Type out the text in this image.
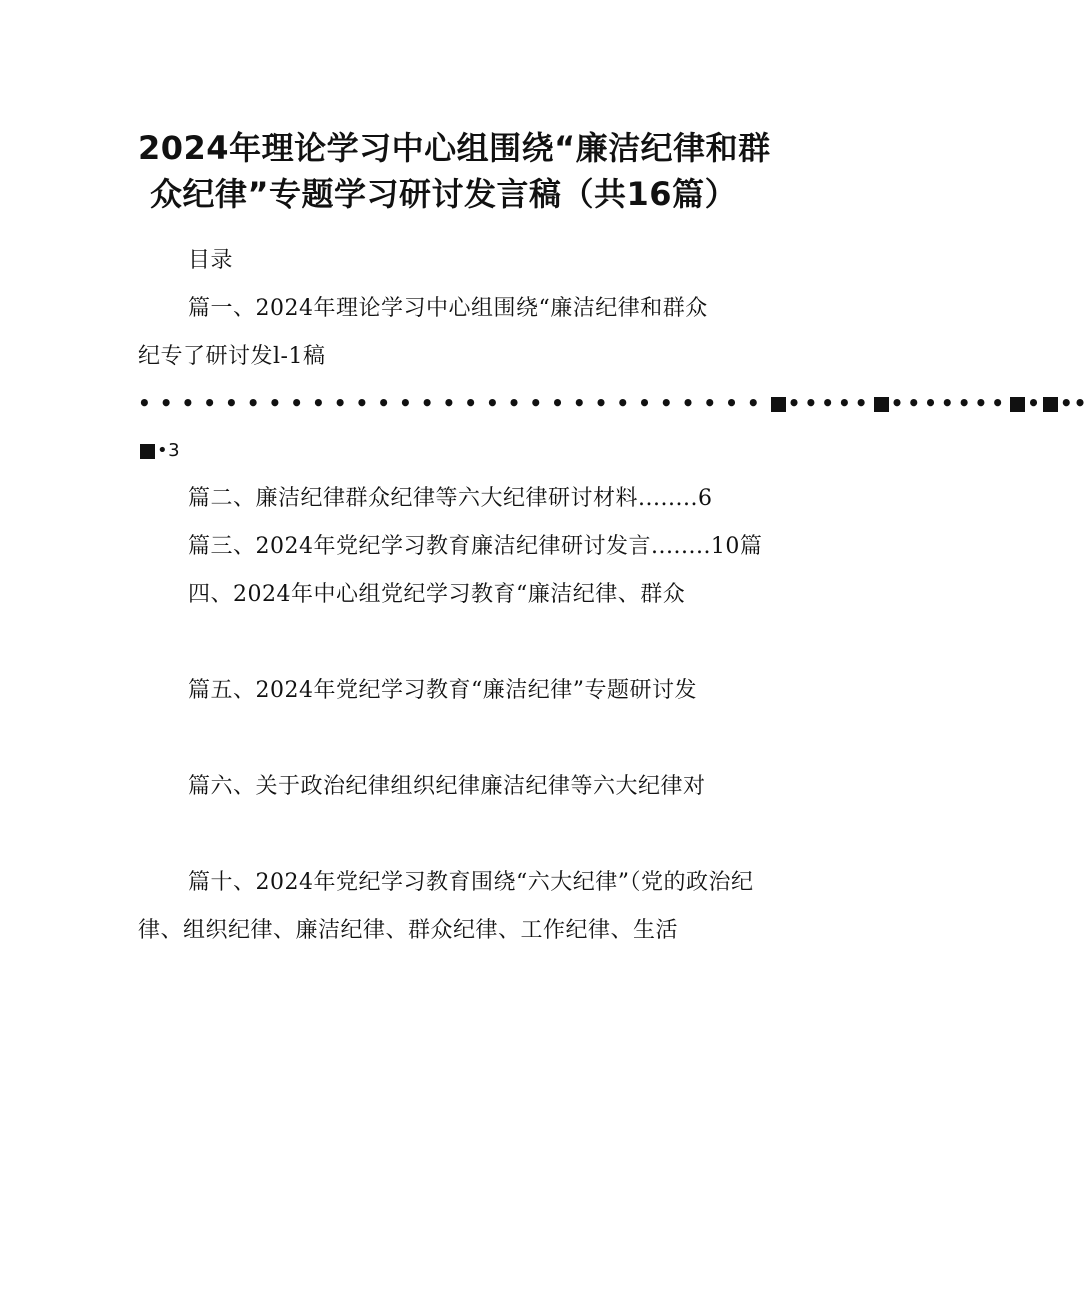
2024年理论学习中心组围绕“廉洁纪律和群
众纪律”专题学习研讨发言稿（共16篇）
目录
篇一、2024年理论学习中心组围绕“廉洁纪律和群众
纪专了研讨发l-1稿
• • • • • • • • • • • • • • • • • • • • • • • • • • • • • ••••• ••••••• • ••
•3
篇二、廉洁纪律群众纪律等六大纪律研讨材料........6
篇三、2024年党纪学习教育廉洁纪律研讨发言........10篇
四、2024年中心组党纪学习教育“廉洁纪律、群众
篇五、2024年党纪学习教育“廉洁纪律”专题研讨发
篇六、关于政治纪律组织纪律廉洁纪律等六大纪律对
篇十、2024年党纪学习教育围绕“六大纪律”（党的政治纪
律、组织纪律、廉洁纪律、群众纪律、工作纪律、生活
